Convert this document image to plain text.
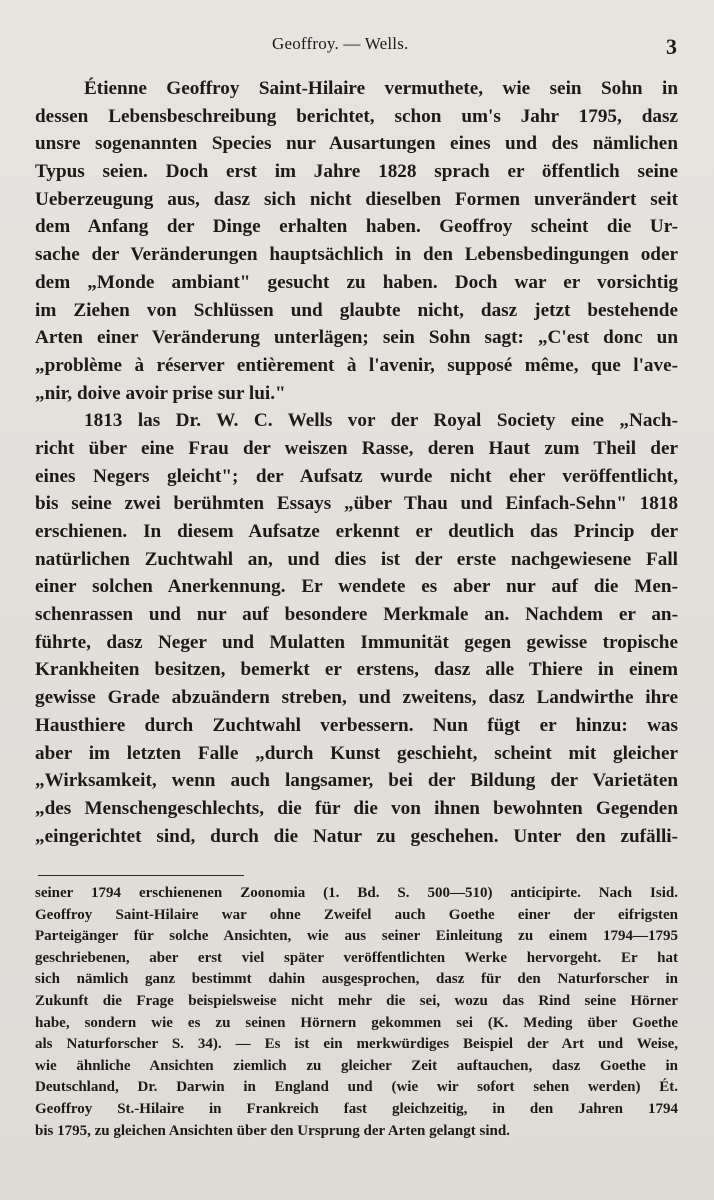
Geoffroy. — Wells.	3
Étienne Geoffroy Saint-Hilaire vermuthete, wie sein Sohn in
dessen Lebensbeschreibung berichtet, schon um's Jahr 1795, dasz
unsre sogenannten Species nur Ausartungen eines und des nämlichen
Typus seien. Doch erst im Jahre 1828 sprach er öffentlich seine
Ueberzeugung aus, dasz sich nicht dieselben Formen unverändert seit
dem Anfang der Dinge erhalten haben. Geoffroy scheint die Ur-
sache der Veränderungen hauptsächlich in den Lebensbedingungen oder
dem „Monde ambiant" gesucht zu haben. Doch war er vorsichtig
im Ziehen von Schlüssen und glaubte nicht, dasz jetzt bestehende
Arten einer Veränderung unterlägen; sein Sohn sagt: „C'est donc un
„problème à réserver entièrement à l'avenir, supposé même, que l'ave-
„nir, doive avoir prise sur lui."
1813 las Dr. W. C. Wells vor der Royal Society eine „Nach-
richt über eine Frau der weiszen Rasse, deren Haut zum Theil der
eines Negers gleicht"; der Aufsatz wurde nicht eher veröffentlicht,
bis seine zwei berühmten Essays „über Thau und Einfach-Sehn" 1818
erschienen. In diesem Aufsatze erkennt er deutlich das Princip der
natürlichen Zuchtwahl an, und dies ist der erste nachgewiesene Fall
einer solchen Anerkennung. Er wendete es aber nur auf die Men-
schenrassen und nur auf besondere Merkmale an. Nachdem er an-
führte, dasz Neger und Mulatten Immunität gegen gewisse tropische
Krankheiten besitzen, bemerkt er erstens, dasz alle Thiere in einem
gewisse Grade abzuändern streben, und zweitens, dasz Landwirthe ihre
Hausthiere durch Zuchtwahl verbessern. Nun fügt er hinzu: was
aber im letzten Falle „durch Kunst geschieht, scheint mit gleicher
„Wirksamkeit, wenn auch langsamer, bei der Bildung der Varietäten
„des Menschengeschlechts, die für die von ihnen bewohnten Gegenden
„eingerichtet sind, durch die Natur zu geschehen. Unter den zufälli-
seiner 1794 erschienenen Zoonomia (1. Bd. S. 500—510) anticipirte. Nach Isid.
Geoffroy Saint-Hilaire war ohne Zweifel auch Goethe einer der eifrigsten
Parteigänger für solche Ansichten, wie aus seiner Einleitung zu einem 1794—1795
geschriebenen, aber erst viel später veröffentlichten Werke hervorgeht. Er hat
sich nämlich ganz bestimmt dahin ausgesprochen, dasz für den Naturforscher in
Zukunft die Frage beispielsweise nicht mehr die sei, wozu das Rind seine Hörner
habe, sondern wie es zu seinen Hörnern gekommen sei (K. Meding über Goethe
als Naturforscher S. 34). — Es ist ein merkwürdiges Beispiel der Art und Weise,
wie ähnliche Ansichten ziemlich zu gleicher Zeit auftauchen, dasz Goethe in
Deutschland, Dr. Darwin in England und (wie wir sofort sehen werden) Ét.
Geoffroy St.-Hilaire in Frankreich fast gleichzeitig, in den Jahren 1794
bis 1795, zu gleichen Ansichten über den Ursprung der Arten gelangt sind.
